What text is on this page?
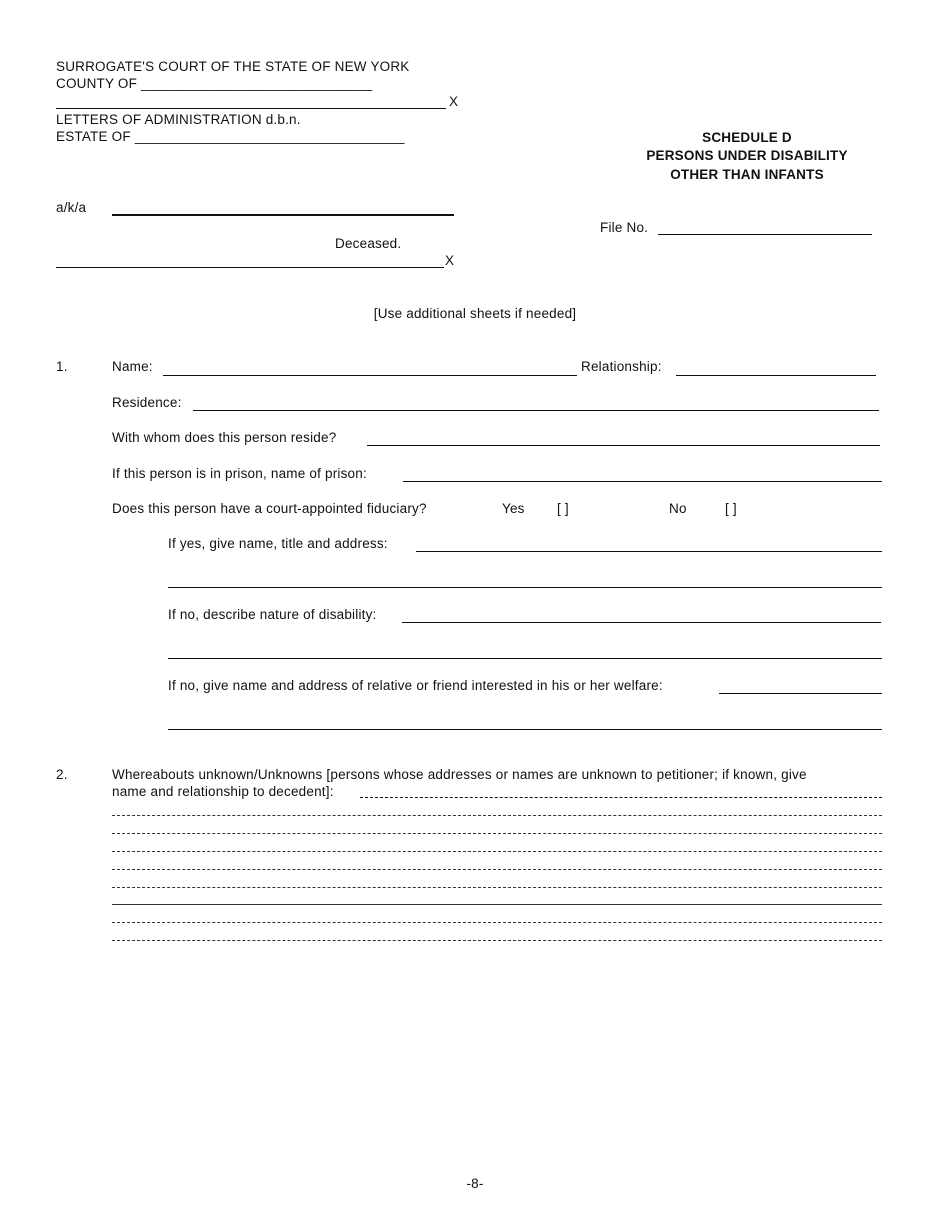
SURROGATE'S COURT OF THE STATE OF NEW YORK
COUNTY OF ______________________________
X
LETTERS OF ADMINISTRATION d.b.n.
ESTATE OF ___________________________________
a/k/a
Deceased.
X
SCHEDULE D
PERSONS UNDER DISABILITY
OTHER THAN INFANTS
File No.
[Use additional sheets if needed]
1.	Name:	Relationship:
Residence:
With whom does this person reside?
If this person is in prison, name of prison:
Does this person have a court-appointed fiduciary?	Yes [ ]	No	[ ]
If yes, give name, title and address:
If no, describe nature of disability:
If no, give name and address of relative or friend interested in his or her welfare:
2.	Whereabouts unknown/Unknowns [persons whose addresses or names are unknown to petitioner; if known, give
name and relationship to decedent]:
-8-
